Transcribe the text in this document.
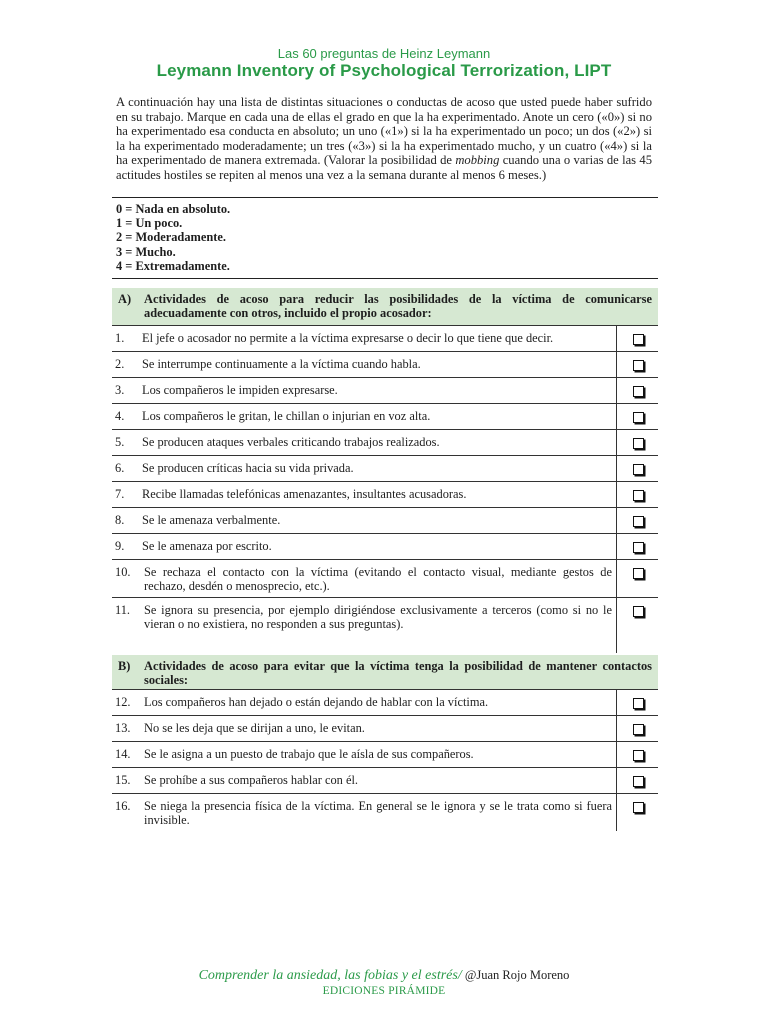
Las 60 preguntas de Heinz Leymann
Leymann Inventory of Psychological Terrorization, LIPT
A continuación hay una lista de distintas situaciones o conductas de acoso que usted puede haber sufrido en su trabajo. Marque en cada una de ellas el grado en que la ha experimentado. Anote un cero («0») si no ha experimentado esa conducta en absoluto; un uno («1») si la ha experimentado un poco; un dos («2») si la ha experimentado moderadamente; un tres («3») si la ha experimentado mucho, y un cuatro («4») si la ha experimentado de manera extremada. (Valorar la posibilidad de mobbing cuando una o varias de las 45 actitudes hostiles se repiten al menos una vez a la semana durante al menos 6 meses.)
0 = Nada en absoluto.
1 = Un poco.
2 = Moderadamente.
3 = Mucho.
4 = Extremadamente.
A)	Actividades de acoso para reducir las posibilidades de la víctima de comunicarse adecuadamente con otros, incluido el propio acosador:
1. El jefe o acosador no permite a la víctima expresarse o decir lo que tiene que decir.
2. Se interrumpe continuamente a la víctima cuando habla.
3. Los compañeros le impiden expresarse.
4. Los compañeros le gritan, le chillan o injurian en voz alta.
5. Se producen ataques verbales criticando trabajos realizados.
6. Se producen críticas hacia su vida privada.
7. Recibe llamadas telefónicas amenazantes, insultantes acusadoras.
8. Se le amenaza verbalmente.
9. Se le amenaza por escrito.
10. Se rechaza el contacto con la víctima (evitando el contacto visual, mediante gestos de rechazo, desdén o menosprecio, etc.).
11. Se ignora su presencia, por ejemplo dirigiéndose exclusivamente a terceros (como si no le vieran o no existiera, no responden a sus preguntas).
B)	Actividades de acoso para evitar que la víctima tenga la posibilidad de mantener contactos sociales:
12. Los compañeros han dejado o están dejando de hablar con la víctima.
13. No se les deja que se dirijan a uno, le evitan.
14. Se le asigna a un puesto de trabajo que le aísla de sus compañeros.
15. Se prohíbe a sus compañeros hablar con él.
16. Se niega la presencia física de la víctima. En general se le ignora y se le trata como si fuera invisible.
Comprender la ansiedad, las fobias y el estrés/ @Juan Rojo Moreno
EDICIONES PIRÁMIDE
